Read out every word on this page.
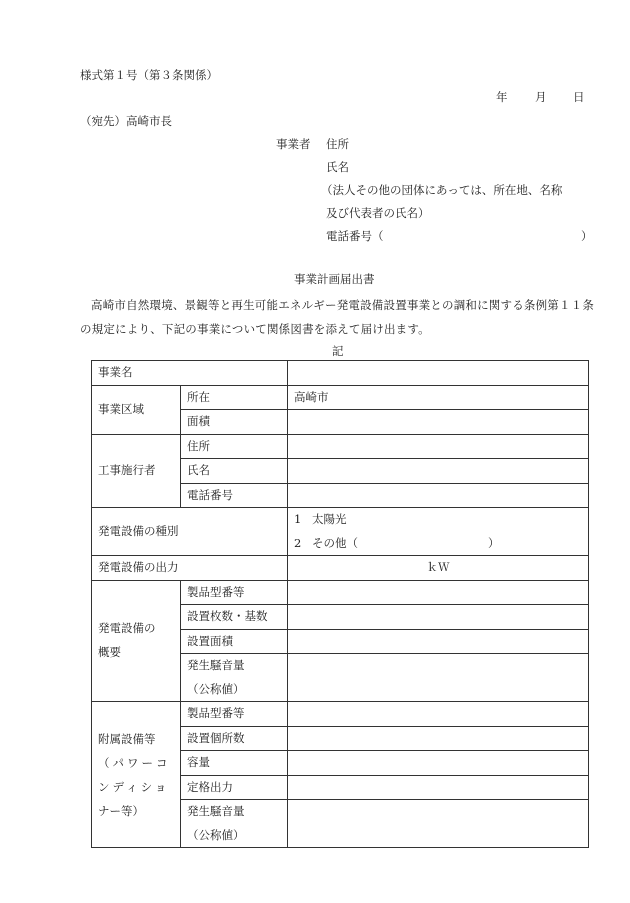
様式第１号（第３条関係）
年 月 日
（宛先）高崎市長
事業者 住所
氏名
（法人その他の団体にあっては、所在地、名称
及び代表者の氏名）
電話番号（	）
事業計画届出書
高崎市自然環境、景観等と再生可能エネルギー発電設備設置事業との調和に関する条例第１１条の規定により、下記の事業について関係図書を添えて届け出ます。
記
事業名		
事業区域	所在	高崎市
	面積	
工事施行者	住所	
	氏名	
	電話番号	
発電設備の種別		1 太陽光
2 その他（ ）

発電設備の出力		ｋＷ

発電設備の
概要	製品型番等	
	設置枚数・基数	
	設置面積	

	発生騒音量
（公称値）	

附属設備等
（パワーコ
ンディショ
ナー等）	製品型番等	
	設置個所数	
	容量	
	定格出力	

	発生騒音量
（公称値）	
